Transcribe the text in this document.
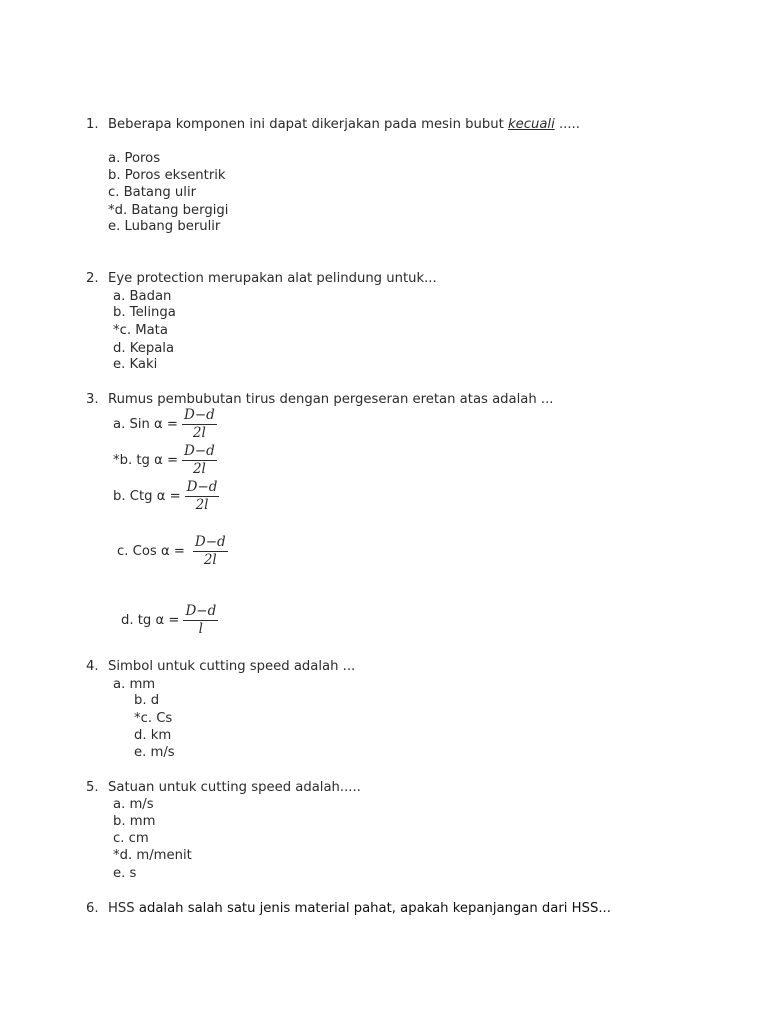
1. Beberapa komponen ini dapat dikerjakan pada mesin bubut kecuali .....
a. Poros
b. Poros eksentrik
c. Batang ulir
*d. Batang bergigi
e. Lubang berulir
2. Eye protection merupakan alat pelindung untuk...
a. Badan
b. Telinga
*c. Mata
d. Kepala
e. Kaki
3. Rumus pembubutan tirus dengan pergeseran eretan atas adalah ...
a. Sin $\alpha = \frac{D-d}{2l}$
*b. tg $\alpha = \frac{D-d}{2l}$
b. Ctg $\alpha = \frac{D-d}{2l}$
c. Cos $\alpha = \frac{D-d}{2l}$
d. tg $\alpha = \frac{D-d}{l}$
4. Simbol untuk cutting speed adalah ...
a. mm
b. d
*c. Cs
d. km
e. m/s
5. Satuan untuk cutting speed adalah.....
a. m/s
b. mm
c. cm
*d. m/menit
e. s
6. HSS adalah salah satu jenis material pahat, apakah kepanjangan dari HSS...
